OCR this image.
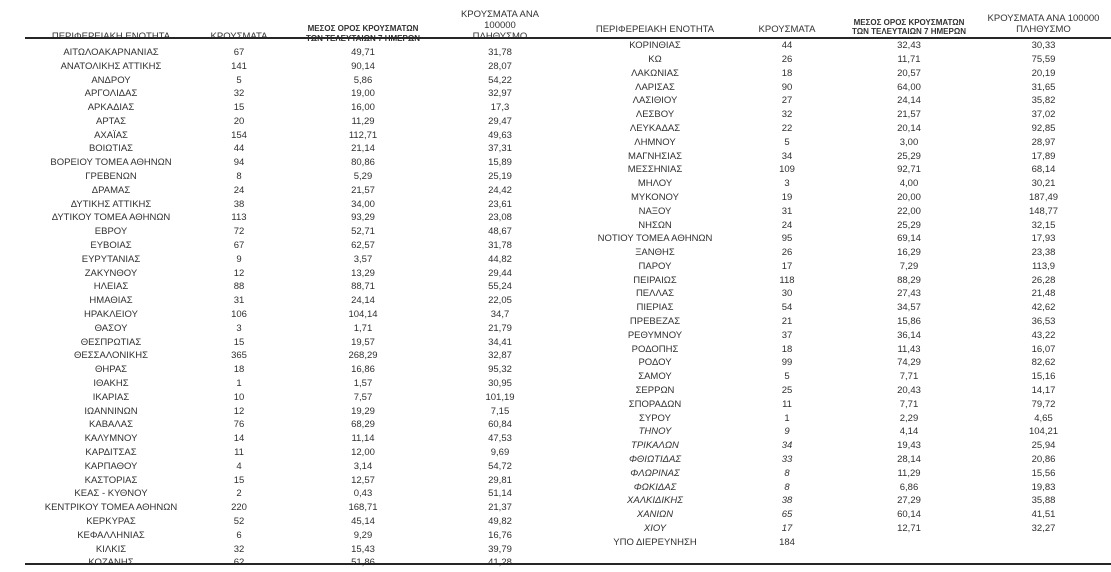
		ΜΕΣΟΣ ΟΡΟΣ ΚΡΟΥΣΜΑΤΩΝ	ΚΡΟΥΣΜΑΤΑ ΑΝΑ 100000

ΑΙΤΩΛΟΑΚΑΡΝΑΝΙΑΣ	67	49,71	31,78
ΑΝΑΤΟΛΙΚΗΣ ΑΤΤΙΚΗΣ	141	90,14	28,07
ΑΝΔΡΟΥ	5	5,86	54,22
ΑΡΓΟΛΙΔΑΣ	32	19,00	32,97
ΑΡΚΑΔΙΑΣ	15	16,00	17,3
ΑΡΤΑΣ	20	11,29	29,47
ΑΧΑΪΑΣ	154	112,71	49,63
ΒΟΙΩΤΙΑΣ	44	21,14	37,31
ΒΟΡΕΙΟΥ ΤΟΜΕΑ ΑΘΗΝΩΝ	94	80,86	15,89
ΓΡΕΒΕΝΩΝ	8	5,29	25,19
ΔΡΑΜΑΣ	24	21,57	24,42
ΔΥΤΙΚΗΣ ΑΤΤΙΚΗΣ	38	34,00	23,61
ΔΥΤΙΚΟΥ ΤΟΜΕΑ ΑΘΗΝΩΝ	113	93,29	23,08
ΕΒΡΟΥ	72	52,71	48,67
ΕΥΒΟΙΑΣ	67	62,57	31,78
ΕΥΡΥΤΑΝΙΑΣ	9	3,57	44,82
ΖΑΚΥΝΘΟΥ	12	13,29	29,44
ΗΛΕΙΑΣ	88	88,71	55,24
ΗΜΑΘΙΑΣ	31	24,14	22,05
ΗΡΑΚΛΕΙΟΥ	106	104,14	34,7
ΘΑΣΟΥ	3	1,71	21,79
ΘΕΣΠΡΩΤΙΑΣ	15	19,57	34,41
ΘΕΣΣΑΛΟΝΙΚΗΣ	365	268,29	32,87
ΘΗΡΑΣ	18	16,86	95,32
ΙΘΑΚΗΣ	1	1,57	30,95
ΙΚΑΡΙΑΣ	10	7,57	101,19
ΙΩΑΝΝΙΝΩΝ	12	19,29	7,15
ΚΑΒΑΛΑΣ	76	68,29	60,84
ΚΑΛΥΜΝΟΥ	14	11,14	47,53
ΚΑΡΔΙΤΣΑΣ	11	12,00	9,69
ΚΑΡΠΑΘΟΥ	4	3,14	54,72
ΚΑΣΤΟΡΙΑΣ	15	12,57	29,81
ΚΕΑΣ - ΚΥΘΝΟΥ	2	0,43	51,14
ΚΕΝΤΡΙΚΟΥ ΤΟΜΕΑ ΑΘΗΝΩΝ	220	168,71	21,37
ΚΕΡΚΥΡΑΣ	52	45,14	49,82
ΚΕΦΑΛΛΗΝΙΑΣ	6	9,29	16,76
ΚΙΛΚΙΣ	32	15,43	39,79

ΠΕΡΙΦΕΡΕΙΑΚΗ ΕΝΟΤΗΤΑ	ΚΡΟΥΣΜΑΤΑ	ΜΕΣΟΣ ΟΡΟΣ ΚΡΟΥΣΜΑΤΩΝ
ΤΩΝ ΤΕΛΕΥΤΑΙΩΝ 7 ΗΜΕΡΩΝ	ΚΡΟΥΣΜΑΤΑ ΑΝΑ 100000
ΠΛΗΘΥΣΜΟ
ΚΟΡΙΝΘΙΑΣ	44	32,43	30,33
ΚΩ	26	11,71	75,59
ΛΑΚΩΝΙΑΣ	18	20,57	20,19
ΛΑΡΙΣΑΣ	90	64,00	31,65
ΛΑΣΙΘΙΟΥ	27	24,14	35,82
ΛΕΣΒΟΥ	32	21,57	37,02
ΛΕΥΚΑΔΑΣ	22	20,14	92,85
ΛΗΜΝΟΥ	5	3,00	28,97
ΜΑΓΝΗΣΙΑΣ	34	25,29	17,89
ΜΕΣΣΗΝΙΑΣ	109	92,71	68,14
ΜΗΛΟΥ	3	4,00	30,21
ΜΥΚΟΝΟΥ	19	20,00	187,49
ΝΑΞΟΥ	31	22,00	148,77
ΝΗΣΩΝ	24	25,29	32,15
ΝΟΤΙΟΥ ΤΟΜΕΑ ΑΘΗΝΩΝ	95	69,14	17,93
ΞΑΝΘΗΣ	26	16,29	23,38
ΠΑΡΟΥ	17	7,29	113,9
ΠΕΙΡΑΙΩΣ	118	88,29	26,28
ΠΕΛΛΑΣ	30	27,43	21,48
ΠΙΕΡΙΑΣ	54	34,57	42,62
ΠΡΕΒΕΖΑΣ	21	15,86	36,53
ΡΕΘΥΜΝΟΥ	37	36,14	43,22
ΡΟΔΟΠΗΣ	18	11,43	16,07
ΡΟΔΟΥ	99	74,29	82,62
ΣΑΜΟΥ	5	7,71	15,16
ΣΕΡΡΩΝ	25	20,43	14,17
ΣΠΟΡΑΔΩΝ	11	7,71	79,72
ΣΥΡΟΥ	1	2,29	4,65
ΤΗΝΟΥ	9	4,14	104,21
ΤΡΙΚΑΛΩΝ	34	19,43	25,94
ΦΘΙΩΤΙΔΑΣ	33	28,14	20,86
ΦΛΩΡΙΝΑΣ	8	11,29	15,56
ΦΩΚΙΔΑΣ	8	6,86	19,83
ΧΑΛΚΙΔΙΚΗΣ	38	27,29	35,88
ΧΑΝΙΩΝ	65	60,14	41,51
ΧΙΟΥ	17	12,71	32,27
ΥΠΟ ΔΙΕΡΕΥΝΗΣΗ	184		
